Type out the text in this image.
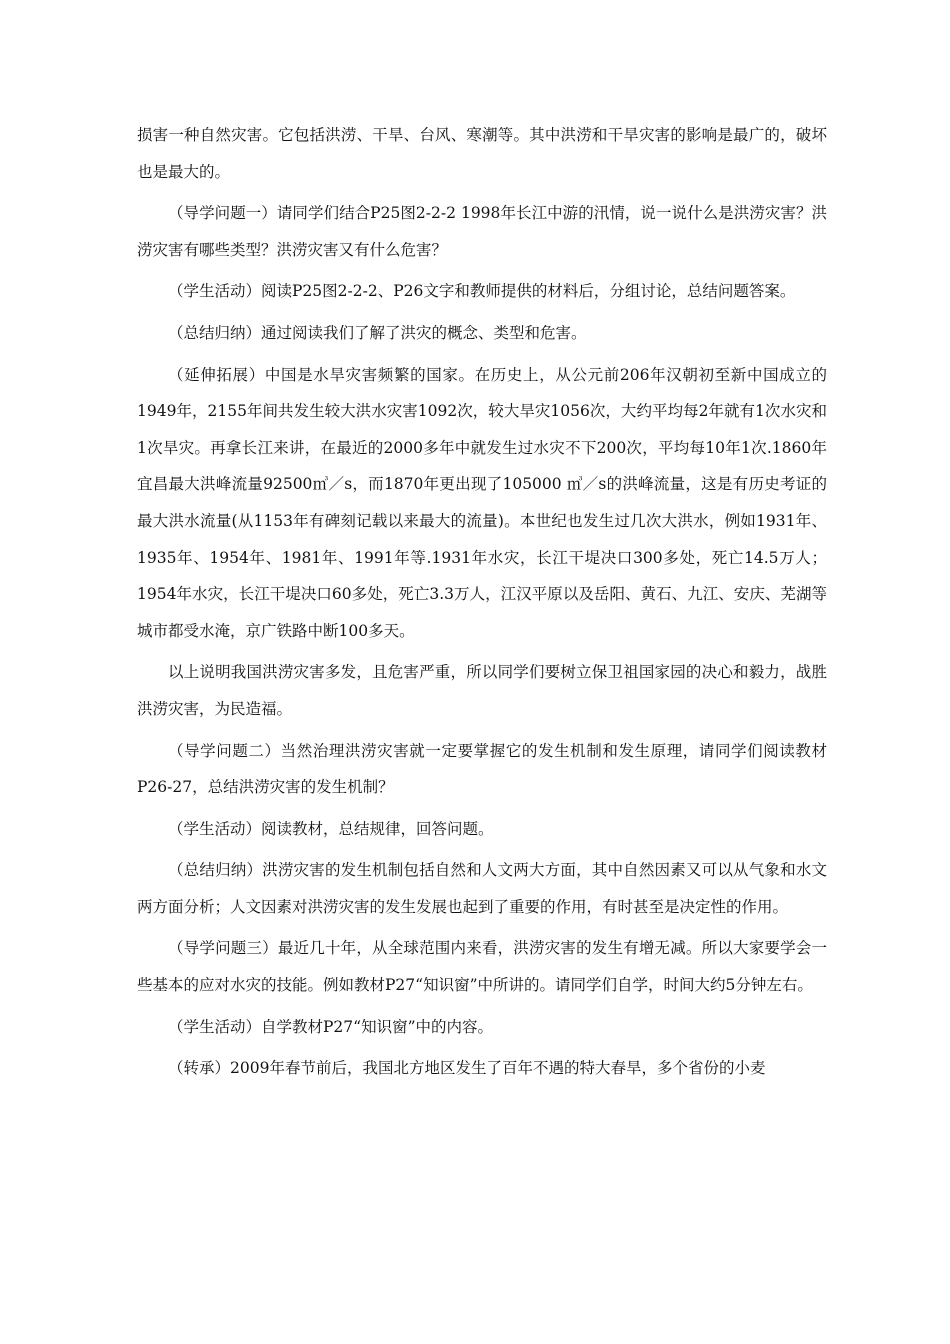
损害一种自然灾害。它包括洪涝、干旱、台风、寒潮等。其中洪涝和干旱灾害的影响是最广的，破坏也是最大的。

（导学问题一）请同学们结合P25图2-2-2 1998年长江中游的汛情，说一说什么是洪涝灾害？洪涝灾害有哪些类型？洪涝灾害又有什么危害？

（学生活动）阅读P25图2-2-2、P26文字和教师提供的材料后，分组讨论，总结问题答案。

（总结归纳）通过阅读我们了解了洪灾的概念、类型和危害。

（延伸拓展）中国是水旱灾害频繁的国家。在历史上，从公元前206年汉朝初至新中国成立的1949年，2155年间共发生较大洪水灾害1092次，较大旱灾1056次，大约平均每2年就有1次水灾和1次旱灾。再拿长江来讲，在最近的2000多年中就发生过水灾不下200次，平均每10年1次.1860年宜昌最大洪峰流量92500㎥／s，而1870年更出现了105000 ㎥／s的洪峰流量，这是有历史考证的最大洪水流量(从1153年有碑刻记载以来最大的流量)。本世纪也发生过几次大洪水，例如1931年、1935年、1954年、1981年、1991年等.1931年水灾，长江干堤决口300多处，死亡14.5万人；1954年水灾，长江干堤决口60多处，死亡3.3万人，江汉平原以及岳阳、黄石、九江、安庆、芜湖等城市都受水淹，京广铁路中断100多天。

以上说明我国洪涝灾害多发，且危害严重，所以同学们要树立保卫祖国家园的决心和毅力，战胜洪涝灾害，为民造福。

（导学问题二）当然治理洪涝灾害就一定要掌握它的发生机制和发生原理，请同学们阅读教材P26-27，总结洪涝灾害的发生机制？

（学生活动）阅读教材，总结规律，回答问题。

（总结归纳）洪涝灾害的发生机制包括自然和人文两大方面，其中自然因素又可以从气象和水文两方面分析；人文因素对洪涝灾害的发生发展也起到了重要的作用，有时甚至是决定性的作用。

（导学问题三）最近几十年，从全球范围内来看，洪涝灾害的发生有增无减。所以大家要学会一些基本的应对水灾的技能。例如教材P27“知识窗”中所讲的。请同学们自学，时间大约5分钟左右。

（学生活动）自学教材P27“知识窗”中的内容。

（转承）2009年春节前后，我国北方地区发生了百年不遇的特大春旱，多个省份的小麦
